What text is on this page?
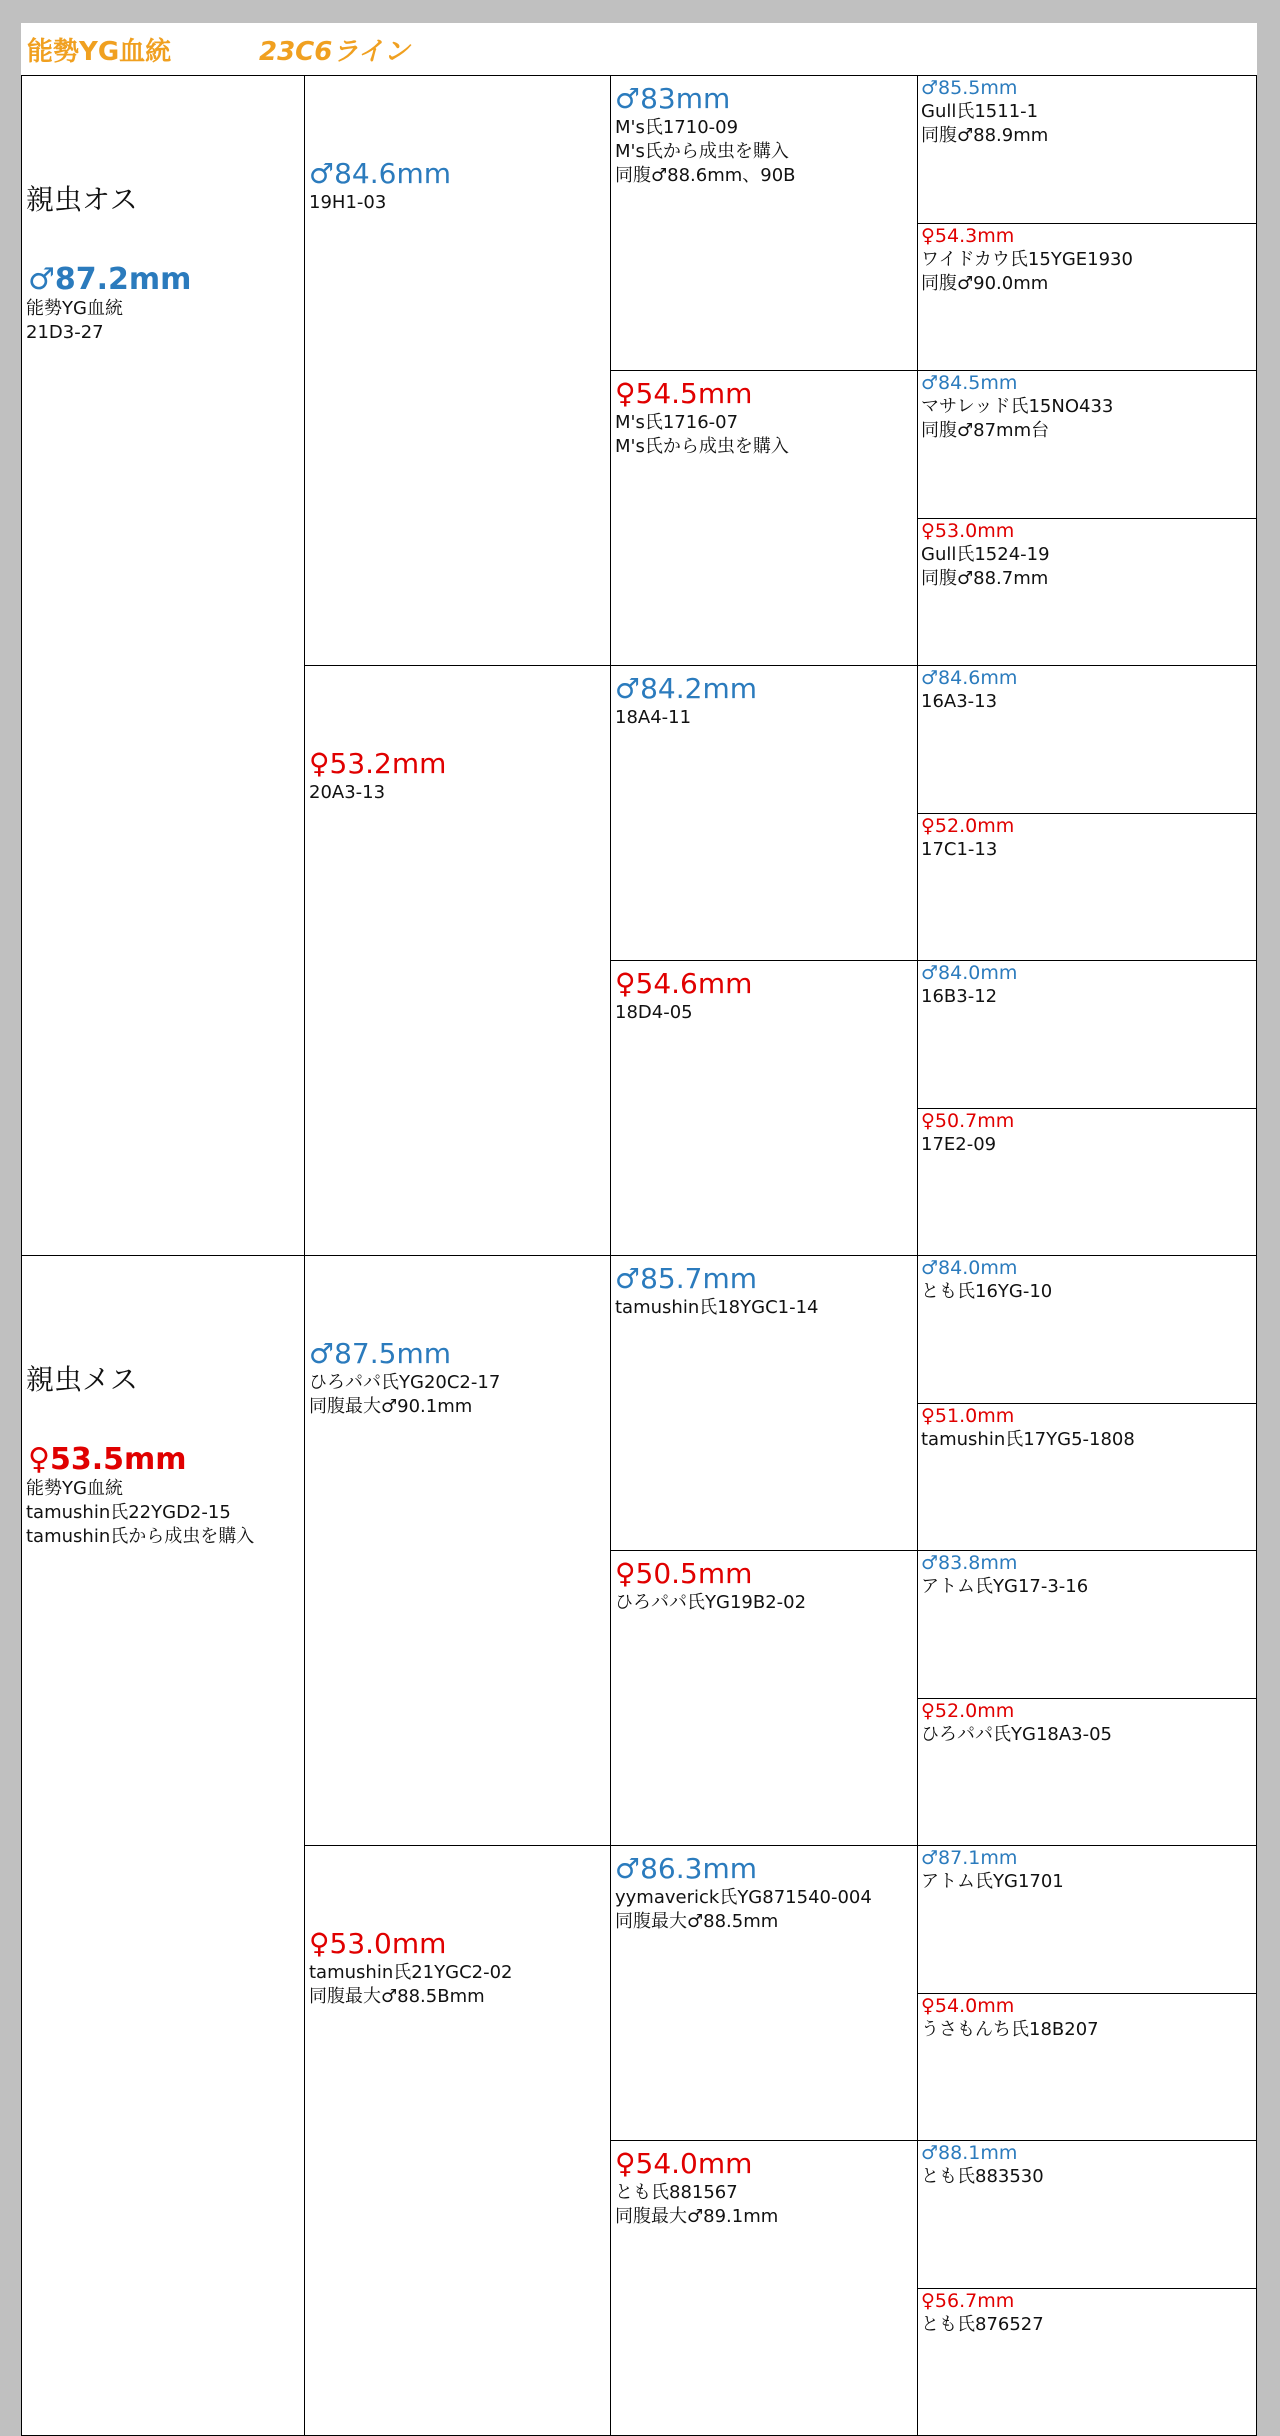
能勢YG血統	23C6ライン
親虫オス
♂87.2mm
能勢YG血統
21D3-27
♂84.6mm
19H1-03
♂83mm
M's氏1710-09
M's氏から成虫を購入
同腹♂88.6mm、90B
♂85.5mm
Gull氏1511-1
同腹♂88.9mm
♀54.3mm
ワイドカウ氏15YGE1930
同腹♂90.0mm
♀54.5mm
M's氏1716-07
M's氏から成虫を購入
♂84.5mm
マサレッド氏15NO433
同腹♂87mm台
♀53.0mm
Gull氏1524-19
同腹♂88.7mm
♀53.2mm
20A3-13
♂84.2mm
18A4-11
♂84.6mm
16A3-13
♀52.0mm
17C1-13
♀54.6mm
18D4-05
♂84.0mm
16B3-12
♀50.7mm
17E2-09
親虫メス
♀53.5mm
能勢YG血統
tamushin氏22YGD2-15
tamushin氏から成虫を購入
♂87.5mm
ひろパパ氏YG20C2-17
同腹最大♂90.1mm
♂85.7mm
tamushin氏18YGC1-14
♂84.0mm
とも氏16YG-10
♀51.0mm
tamushin氏17YG5-1808
♀50.5mm
ひろパパ氏YG19B2-02
♂83.8mm
アトム氏YG17-3-16
♀52.0mm
ひろパパ氏YG18A3-05
♀53.0mm
tamushin氏21YGC2-02
同腹最大♂88.5Bmm
♂86.3mm
yymaverick氏YG871540-004
同腹最大♂88.5mm
♂87.1mm
アトム氏YG1701
♀54.0mm
うさもんち氏18B207
♀54.0mm
とも氏881567
同腹最大♂89.1mm
♂88.1mm
とも氏883530
♀56.7mm
とも氏876527
